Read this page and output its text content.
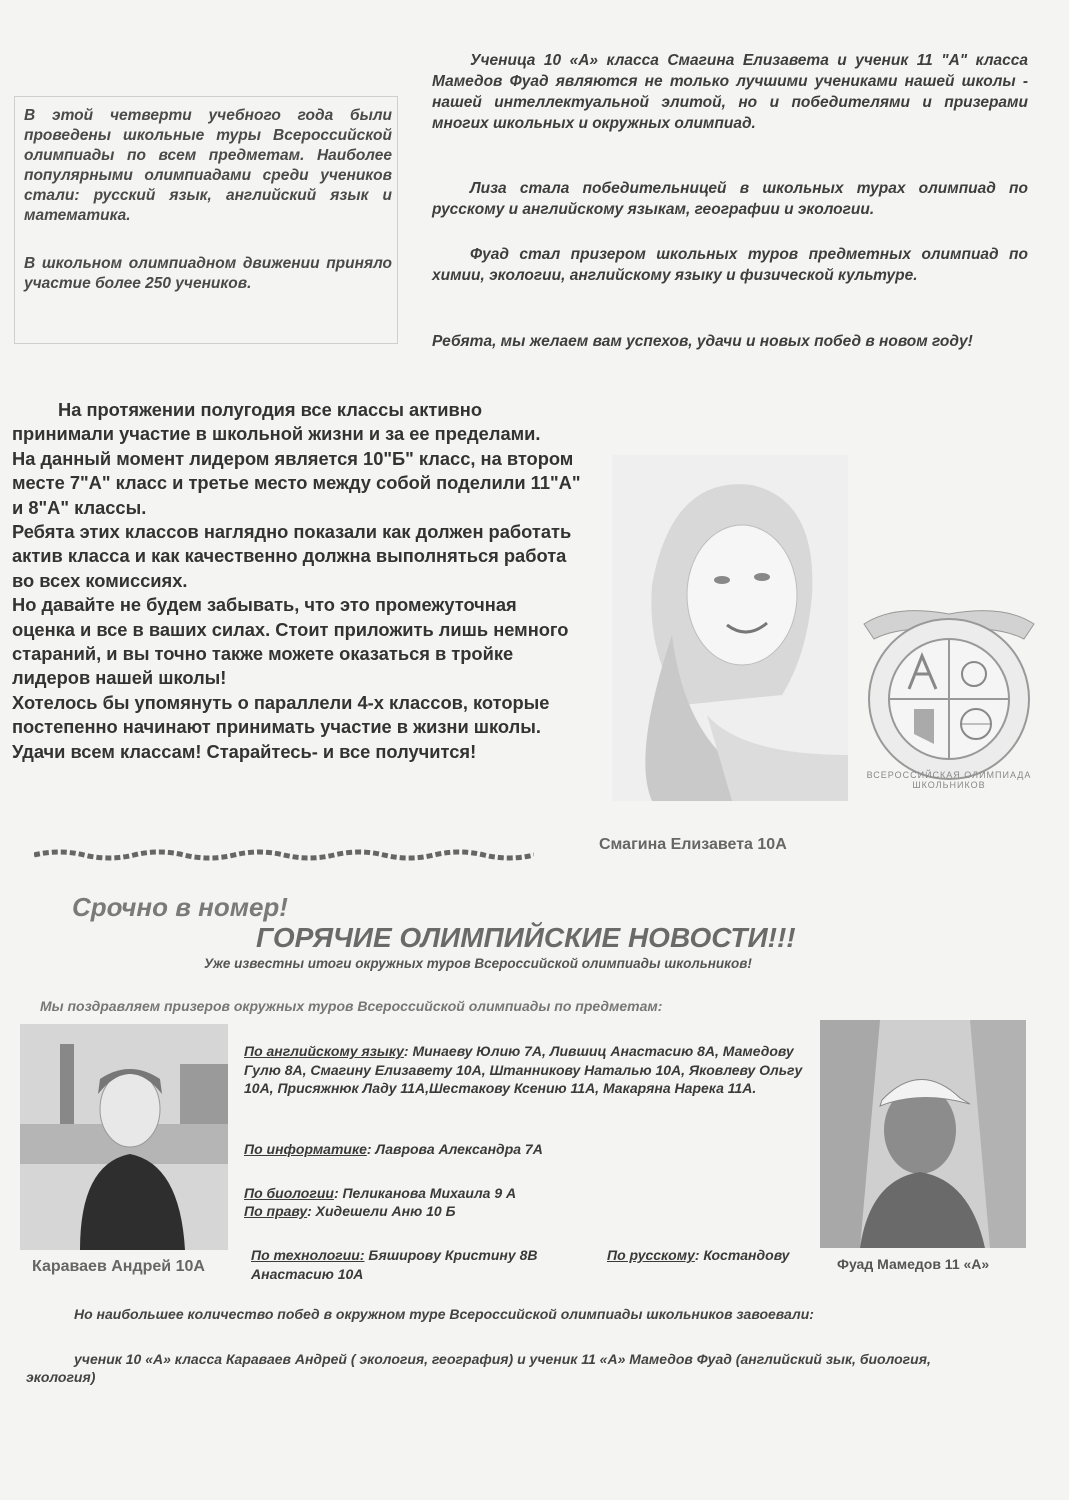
В этой четверти учебного года были проведены школьные туры Всероссийской олимпиады по всем предметам. Наиболее популярными олимпиадами среди учеников стали: русский язык, английский язык и математика.
В школьном олимпиадном движении приняло участие более 250 учеников.
Ученица 10 «А» класса Смагина Елизавета и ученик 11 "А" класса Мамедов Фуад являются не только лучшими учениками нашей школы - нашей интеллектуальной элитой, но и победителями и призерами многих школьных и окружных олимпиад.
Лиза стала победительницей в школьных турах олимпиад по русскому и английскому языкам, географии и экологии.
Фуад стал призером школьных туров предметных олимпиад по химии, экологии, английскому языку и физической культуре.
Ребята, мы желаем вам успехов, удачи и новых побед в новом году!

На протяжении полугодия все классы активно принимали участие в школьной жизни и за ее пределами.

На данный момент лидером является 10"Б" класс, на втором месте 7"А" класс и третье место между собой поделили 11"А" и 8"А" классы.

Ребята этих классов наглядно показали как должен работать актив класса и как качественно должна выполняться работа во всех комиссиях.

Но давайте не будем забывать, что это промежуточная оценка и все в ваших силах. Стоит приложить лишь немного стараний, и вы точно также можете оказаться в тройке лидеров нашей школы!

Хотелось бы упомянуть о параллели 4-х классов, которые постепенно начинают принимать участие в жизни школы.

Удачи всем классам! Старайтесь- и все получится!

Смагина Елизавета 10А
ВСЕРОССИЙСКАЯ ОЛИМПИАДА ШКОЛЬНИКОВ
Срочно в номер!
ГОРЯЧИЕ ОЛИМПИЙСКИЕ НОВОСТИ!!!
Уже известны итоги окружных туров Всероссийской олимпиады школьников!
Мы поздравляем призеров окружных туров Всероссийской олимпиады по предметам:
Караваев Андрей 10А	Фуад Мамедов 11 «А»
По английскому языку: Минаеву Юлию 7А, Лившиц Анастасию 8А, Мамедову Гулю 8А, Смагину Елизавету 10А, Штанникову Наталью 10А, Яковлеву Ольгу 10А, Присяжнюк Ладу 11А,Шестакову Ксению 11А, Макаряна Нарека 11А.
По информатике: Лаврова Александра 7А
По биологии: Пеликанова Михаила 9 А
По праву: Хидешели Аню 10 Б
По технологии: Бяшировy Кристину 8В	По русскому: Костандову
Анастасию 10А
Но наибольшее количество побед в окружном туре Всероссийской олимпиады школьников завоевали:
ученик 10 «А» класса Караваев Андрей ( экология, география) и ученик 11 «А» Мамедов Фуад (английский зык, биология, экология)
